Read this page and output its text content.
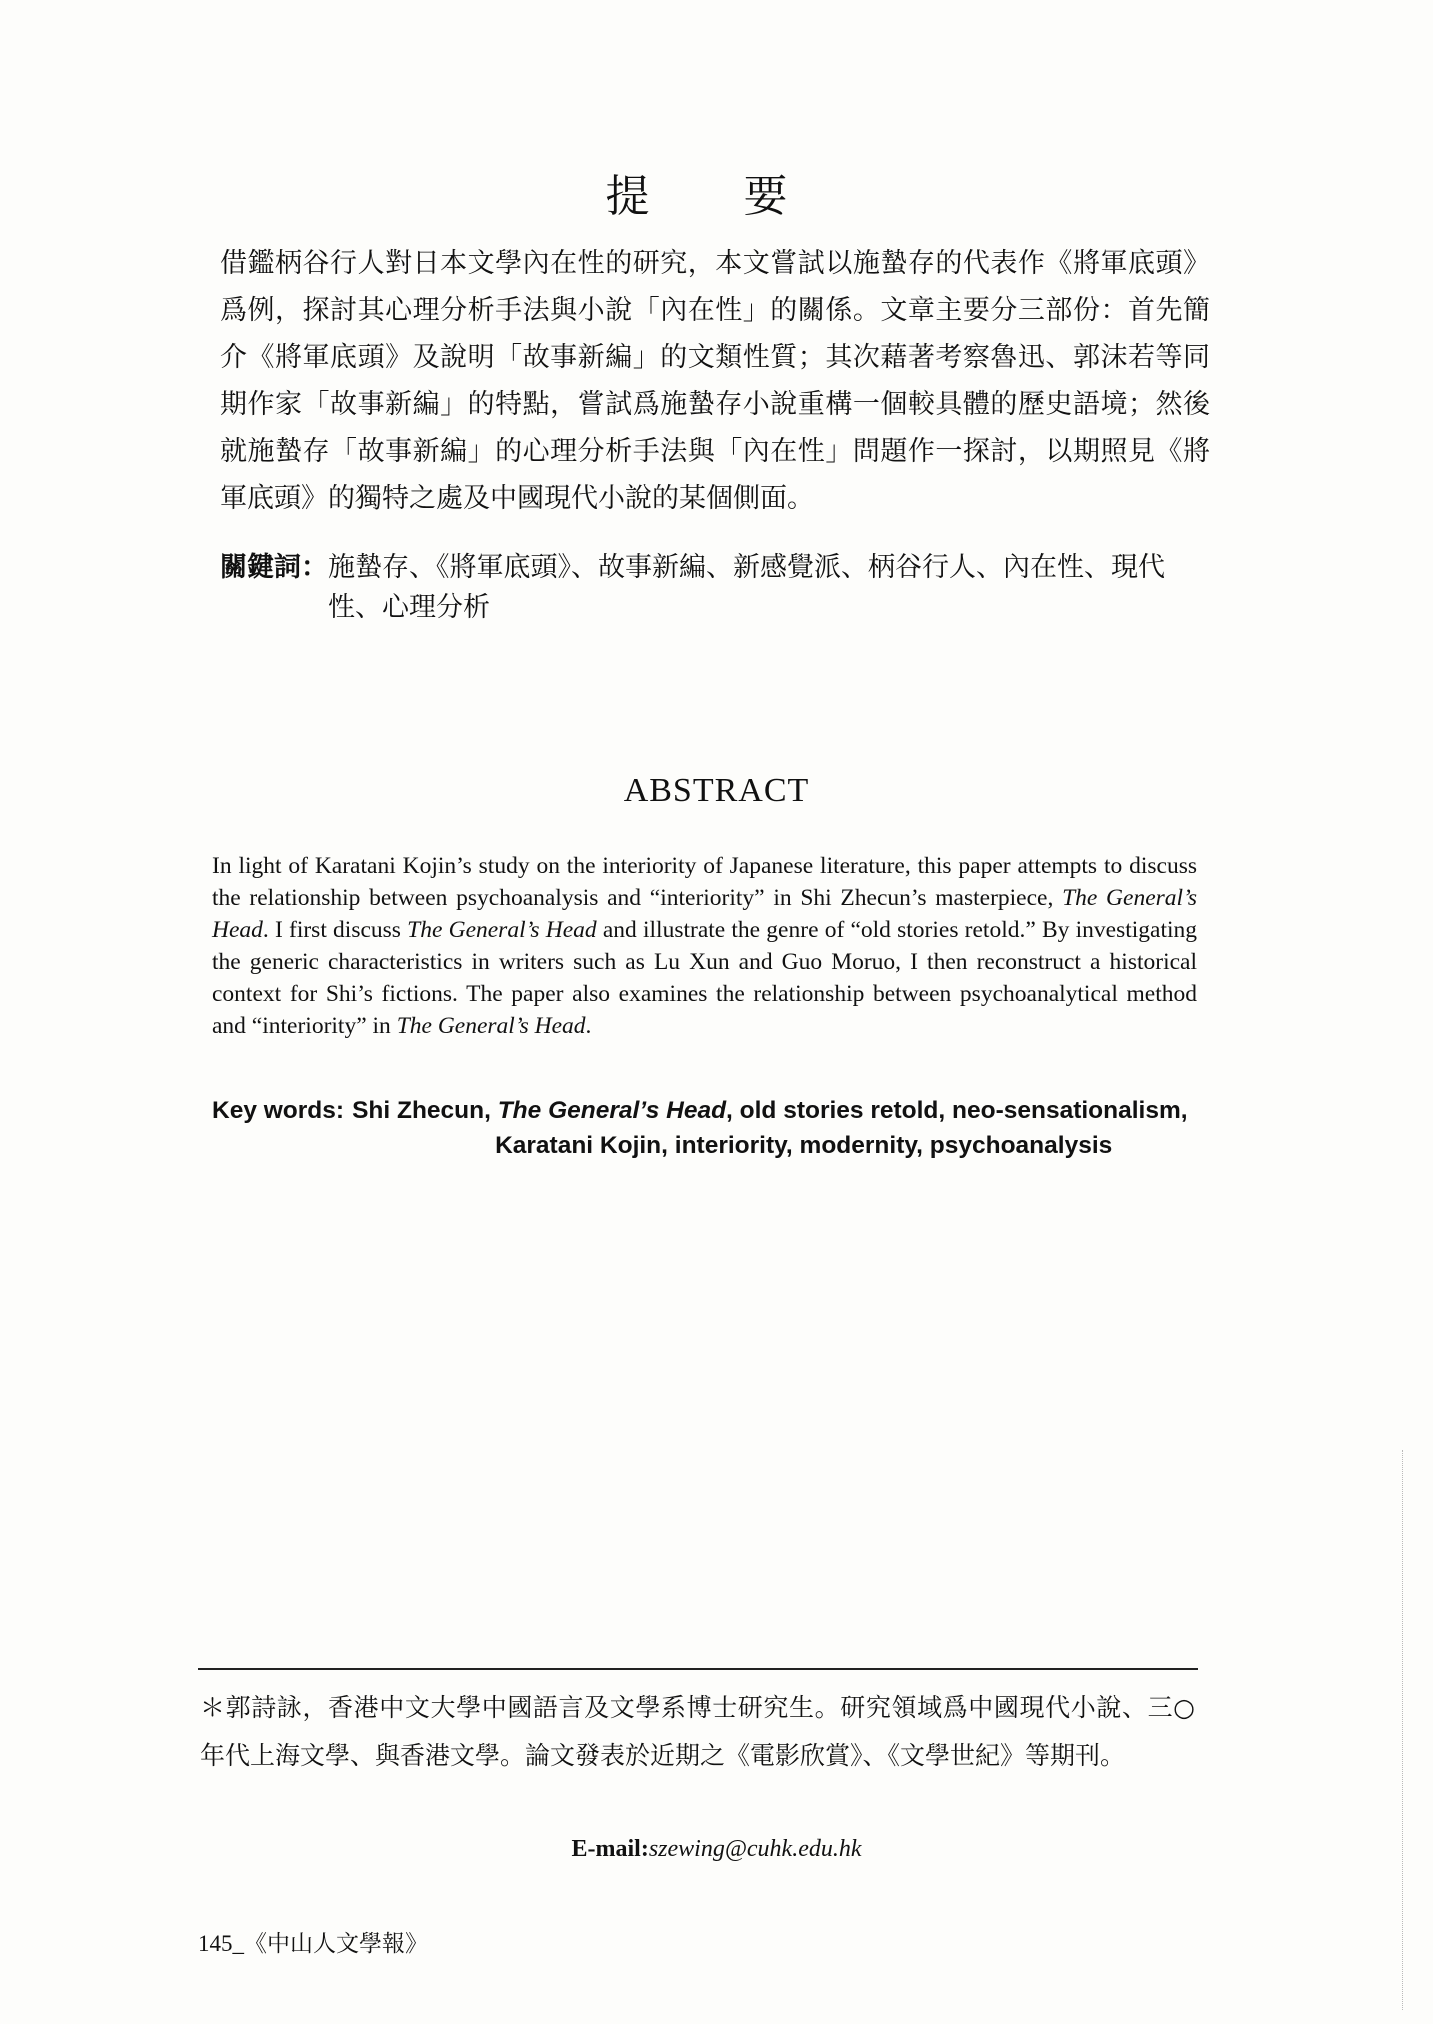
提 要

借鑑柄谷行人對日本文學內在性的研究，本文嘗試以施蟄存的代表作《將軍底頭》爲例，探討其心理分析手法與小說「內在性」的關係。文章主要分三部份：首先簡介《將軍底頭》及說明「故事新編」的文類性質；其次藉著考察魯迅、郭沫若等同期作家「故事新編」的特點，嘗試爲施蟄存小說重構一個較具體的歷史語境；然後就施蟄存「故事新編」的心理分析手法與「內在性」問題作一探討，以期照見《將軍底頭》的獨特之處及中國現代小說的某個側面。

關鍵詞： 施蟄存、《將軍底頭》、故事新編、新感覺派、柄谷行人、內在性、現代性、心理分析
ABSTRACT
In light of Karatani Kojin’s study on the interiority of Japanese literature, this paper attempts to discuss the relationship between psychoanalysis and “interiority” in Shi Zhecun’s masterpiece, The General’s Head. I first discuss The General’s Head and illustrate the genre of “old stories retold.” By investigating the generic characteristics in writers such as Lu Xun and Guo Moruo, I then reconstruct a historical context for Shi’s fictions. The paper also examines the relationship between psychoanalytical method and “interiority” in The General’s Head.
Key words: Shi Zhecun, The General’s Head, old stories retold, neo-sensationalism, Karatani Kojin, interiority, modernity, psychoanalysis
＊郭詩詠，香港中文大學中國語言及文學系博士研究生。研究領域爲中國現代小說、三○年代上海文學、與香港文學。論文發表於近期之《電影欣賞》、《文學世紀》等期刊。
E-mail:szewing@cuhk.edu.hk
145_《中山人文學報》
